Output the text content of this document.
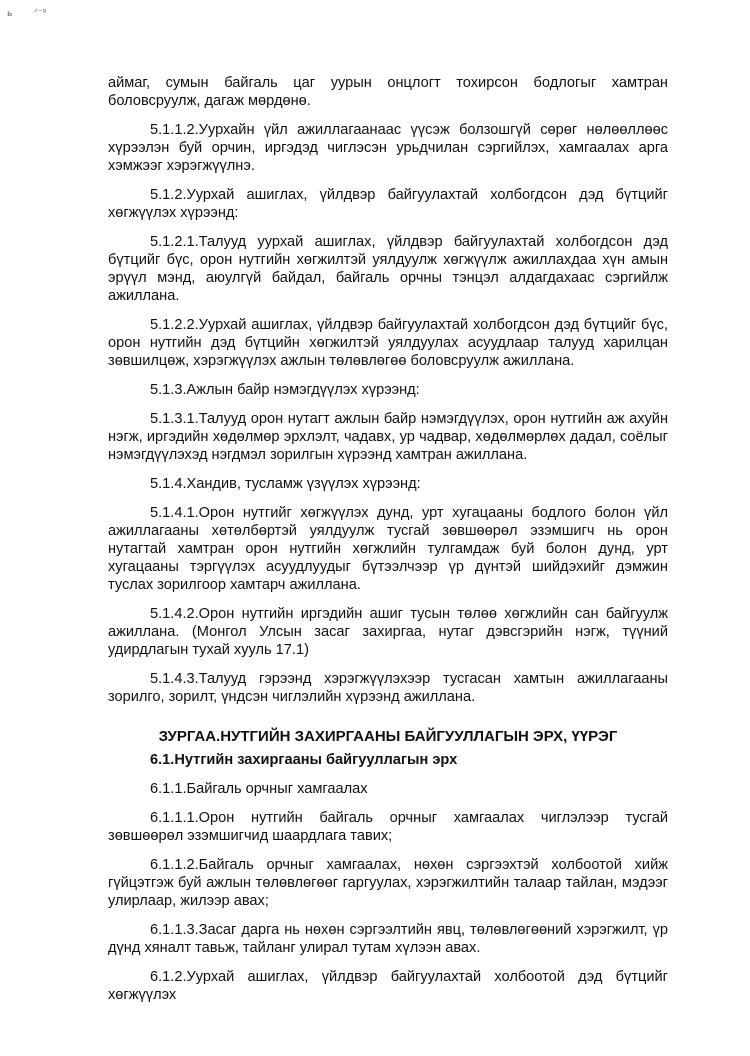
ь ᐟ⁻ᵍ

аймаг, сумын байгаль цаг уурын онцлогт тохирсон бодлогыг хамтран боловсруулж, дагаж мөрдөнө.

5.1.1.2.Уурхайн үйл ажиллагаанаас үүсэж болзошгүй сөрөг нөлөөллөөс хүрээлэн буй орчин, иргэдэд чиглэсэн урьдчилан сэргийлэх, хамгаалах арга хэмжээг хэрэгжүүлнэ.

5.1.2.Уурхай ашиглах, үйлдвэр байгуулахтай холбогдсон дэд бүтцийг хөгжүүлэх хүрээнд:

5.1.2.1.Талууд уурхай ашиглах, үйлдвэр байгуулахтай холбогдсон дэд бүтцийг бүс, орон нутгийн хөгжилтэй уялдуулж хөгжүүлж ажиллахдаа хүн амын эрүүл мэнд, аюулгүй байдал, байгаль орчны тэнцэл алдагдахаас сэргийлж ажиллана.

5.1.2.2.Уурхай ашиглах, үйлдвэр байгуулахтай холбогдсон дэд бүтцийг бүс, орон нутгийн дэд бүтцийн хөгжилтэй уялдуулах асуудлаар талууд харилцан зөвшилцөж, хэрэгжүүлэх ажлын төлөвлөгөө боловсруулж ажиллана.

5.1.3.Ажлын байр нэмэгдүүлэх хүрээнд:

5.1.3.1.Талууд орон нутагт ажлын байр нэмэгдүүлэх, орон нутгийн аж ахуйн нэгж, иргэдийн хөдөлмөр эрхлэлт, чадавх, ур чадвар, хөдөлмөрлөх дадал, соёлыг нэмэгдүүлэхэд нэгдмэл зорилгын хүрээнд хамтран ажиллана.

5.1.4.Хандив, тусламж үзүүлэх хүрээнд:

5.1.4.1.Орон нутгийг хөгжүүлэх дунд, урт хугацааны бодлого болон үйл ажиллагааны хөтөлбөртэй уялдуулж тусгай зөвшөөрөл эзэмшигч нь орон нутагтай хамтран орон нутгийн хөгжлийн тулгамдаж буй болон дунд, урт хугацааны тэргүүлэх асуудлуудыг бүтээлчээр үр дүнтэй шийдэхийг дэмжин туслах зорилгоор хамтарч ажиллана.

5.1.4.2.Орон нутгийн иргэдийн ашиг тусын төлөө хөгжлийн сан байгуулж ажиллана. (Монгол Улсын засаг захиргаа, нутаг дэвсгэрийн нэгж, түүний удирдлагын тухай хууль 17.1)

5.1.4.3.Талууд гэрээнд хэрэгжүүлэхээр тусгасан хамтын ажиллагааны зорилго, зорилт, үндсэн чиглэлийн хүрээнд ажиллана.

ЗУРГАА.НУТГИЙН ЗАХИРГААНЫ БАЙГУУЛЛАГЫН ЭРХ, ҮҮРЭГ

6.1.Нутгийн захиргааны байгууллагын эрх

6.1.1.Байгаль орчныг хамгаалах

6.1.1.1.Орон нутгийн байгаль орчныг хамгаалах чиглэлээр тусгай зөвшөөрөл эзэмшигчид шаардлага тавих;

6.1.1.2.Байгаль орчныг хамгаалах, нөхөн сэргээхтэй холбоотой хийж гүйцэтгэж буй ажлын төлөвлөгөөг гаргуулах, хэрэгжилтийн талаар тайлан, мэдээг улирлаар, жилээр авах;

6.1.1.3.Засаг дарга нь нөхөн сэргээлтийн явц, төлөвлөгөөний хэрэгжилт, үр дүнд хяналт тавьж, тайланг улирал тутам хүлээн авах.

6.1.2.Уурхай ашиглах, үйлдвэр байгуулахтай холбоотой дэд бүтцийг хөгжүүлэх
